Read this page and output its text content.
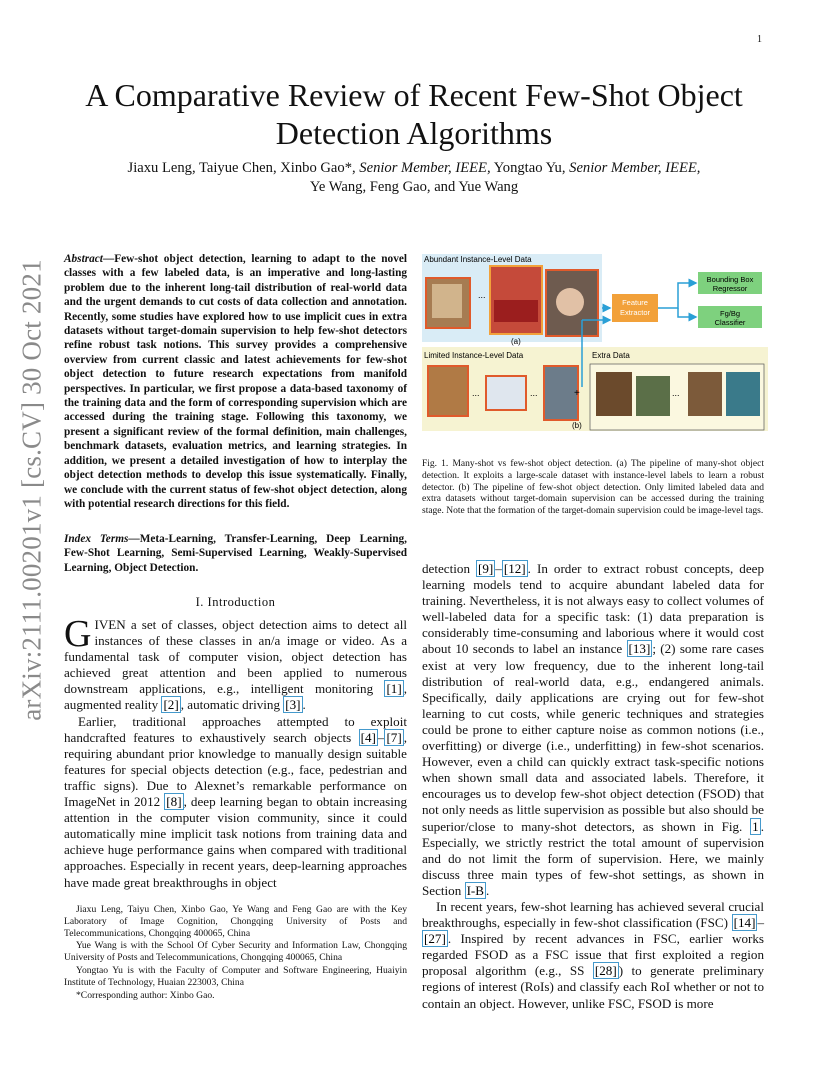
1
arXiv:2111.00201v1 [cs.CV] 30 Oct 2021
A Comparative Review of Recent Few-Shot Object
Detection Algorithms
Jiaxu Leng, Taiyue Chen, Xinbo Gao*, Senior Member, IEEE, Yongtao Yu, Senior Member, IEEE,
Ye Wang, Feng Gao, and Yue Wang
Abstract—Few-shot object detection, learning to adapt to the novel classes with a few labeled data, is an imperative and long-lasting problem due to the inherent long-tail distribution of real-world data and the urgent demands to cut costs of data collection and annotation. Recently, some studies have explored how to use implicit cues in extra datasets without target-domain supervision to help few-shot detectors refine robust task notions. This survey provides a comprehensive overview from current classic and latest achievements for few-shot object detection to future research expectations from manifold perspectives. In particular, we first propose a data-based taxonomy of the training data and the form of corresponding supervision which are accessed during the training stage. Following this taxonomy, we present a significant review of the formal definition, main challenges, benchmark datasets, evaluation metrics, and learning strategies. In addition, we present a detailed investigation of how to interplay the object detection methods to develop this issue systematically. Finally, we conclude with the current status of few-shot object detection, along with potential research directions for this field.
Index Terms—Meta-Learning, Transfer-Learning, Deep Learning, Few-Shot Learning, Semi-Supervised Learning, Weakly-Supervised Learning, Object Detection.
I. Introduction
GIVEN a set of classes, object detection aims to detect all instances of these classes in an/a image or video. As a fundamental task of computer vision, object detection has achieved great attention and been applied to numerous downstream applications, e.g., intelligent monitoring [1] , augmented reality [2] , automatic driving [3] .
Earlier, traditional approaches attempted to exploit handcrafted features to exhaustively search objects [4] – [7] , requiring abundant prior knowledge to manually design suitable features for special objects detection (e.g., face, pedestrian and traffic signs). Due to Alexnet’s remarkable performance on ImageNet in 2012 [8] , deep learning began to obtain increasing attention in the computer vision community, since it could automatically mine implicit task notions from training data and achieve huge performance gains when compared with traditional approaches. Especially in recent years, deep-learning approaches have made great breakthroughs in object

Jiaxu Leng, Taiyu Chen, Xinbo Gao, Ye Wang and Feng Gao are with the Key Laboratory of Image Cognition, Chongqing University of Posts and Telecommunications, Chongqing 400065, China

Yue Wang is with the School Of Cyber Security and Information Law, Chongqing University of Posts and Telecommunications, Chongqing 400065, China

Yongtao Yu is with the Faculty of Computer and Software Engineering, Huaiyin Institute of Technology, Huaian 223003, China

*Corresponding author: Xinbo Gao.

Abundant Instance-Level Data
...
(a)
Feature
Extractor
Bounding Box
Regressor
Fg/Bg
Classifier
Limited Instance-Level Data
...	...
(b)
+
Extra Data
...
Fig. 1. Many-shot vs few-shot object detection. (a) The pipeline of many-shot object detection. It exploits a large-scale dataset with instance-level labels to learn a robust detector. (b) The pipeline of few-shot object detection. Only limited labeled data and extra datasets without target-domain supervision can be accessed during the training stage. Note that the formation of the target-domain supervision could be image-level tags.
detection [9] – [12] . In order to extract robust concepts, deep learning models tend to acquire abundant labeled data for training. Nevertheless, it is not always easy to collect volumes of well-labeled data for a specific task: (1) data preparation is considerably time-consuming and laborious where it would cost about 10 seconds to label an instance [13] ; (2) some rare cases exist at very low frequency, due to the inherent long-tail distribution of real-world data, e.g., endangered animals. Specifically, daily applications are crying out for few-shot learning to cut costs, while generic techniques and strategies could be prone to either capture noise as common notions (i.e., overfitting) or diverge (i.e., underfitting) in few-shot scenarios. However, even a child can quickly extract task-specific notions when shown small data and associated labels. Therefore, it encourages us to develop few-shot object detection (FSOD) that not only needs as little supervision as possible but also should be superior/close to many-shot detectors, as shown in Fig. 1 . Especially, we strictly restrict the total amount of supervision and do not limit the form of supervision. Here, we mainly discuss three main types of few-shot settings, as shown in Section I-B .
In recent years, few-shot learning has achieved several crucial breakthroughs, especially in few-shot classification (FSC) [14] –[27] . Inspired by recent advances in FSC, earlier works regarded FSOD as a FSC issue that first exploited a region proposal algorithm (e.g., SS [28] ) to generate preliminary regions of interest (RoIs) and classify each RoI whether or not to contain an object. However, unlike FSC, FSOD is more
